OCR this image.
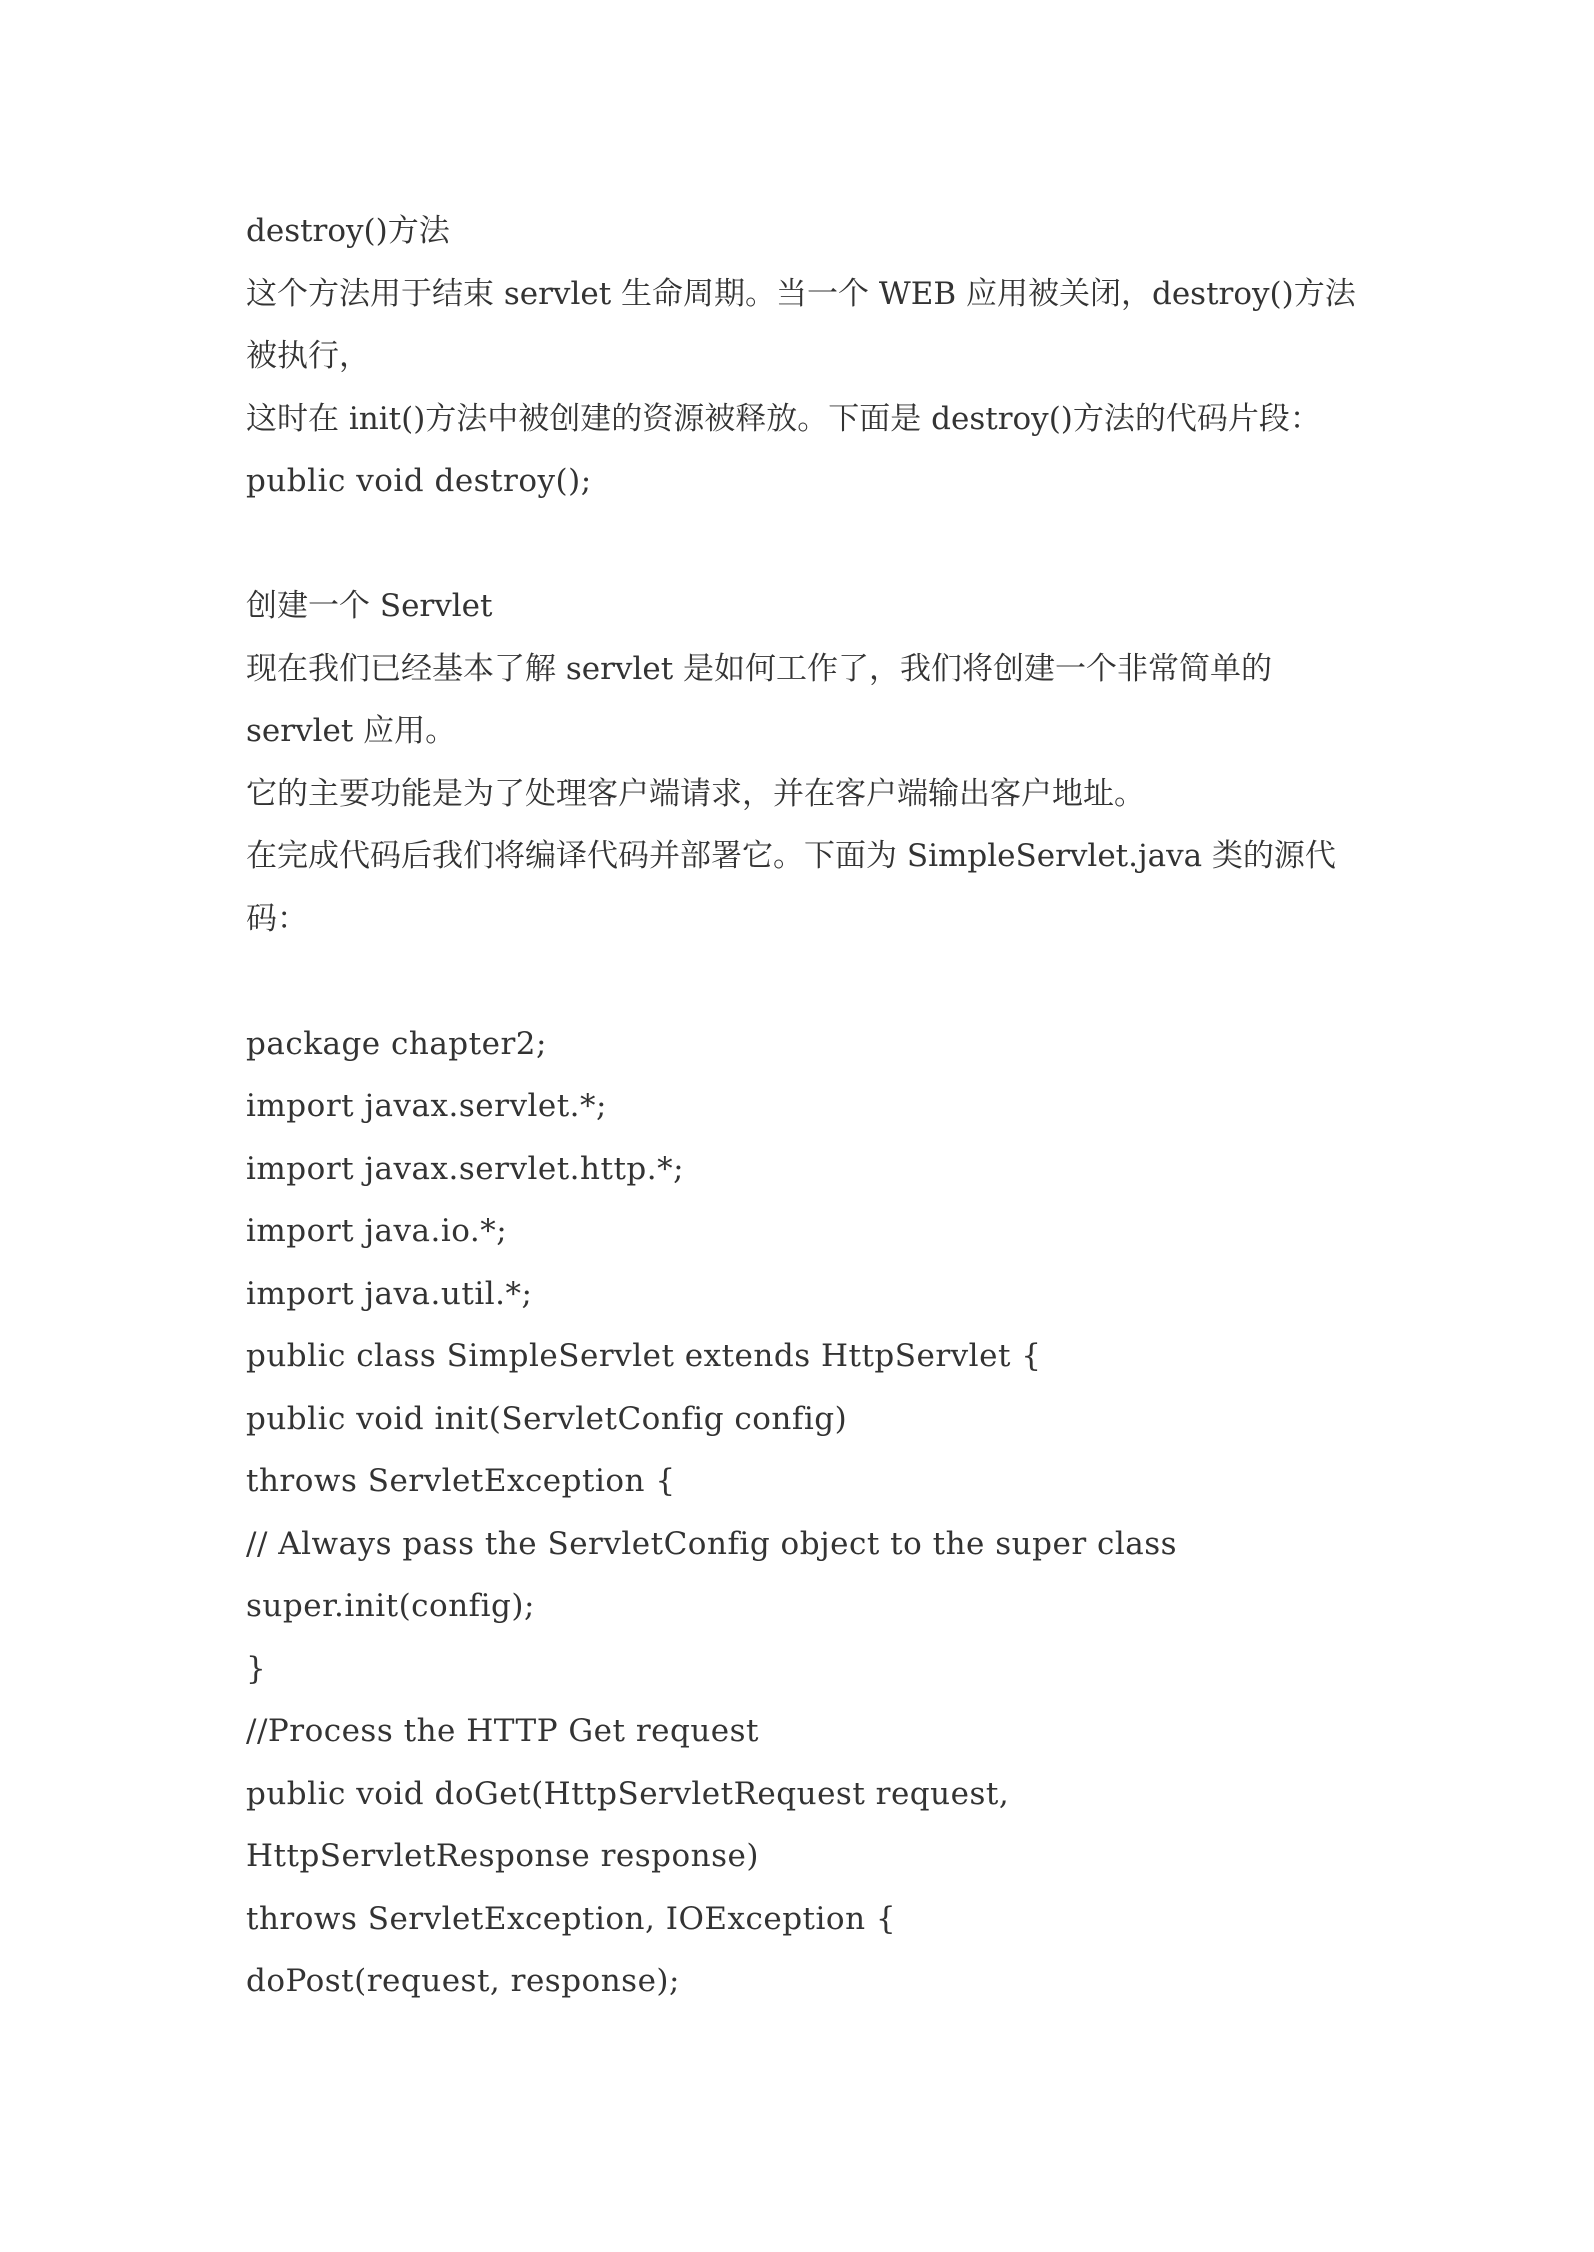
destroy()方法
这个方法用于结束 servlet 生命周期。当一个 WEB 应用被关闭，destroy()方法
被执行，
这时在 init()方法中被创建的资源被释放。下面是 destroy()方法的代码片段：
public void destroy();
创建一个 Servlet
现在我们已经基本了解 servlet 是如何工作了，我们将创建一个非常简单的
servlet 应用。
它的主要功能是为了处理客户端请求，并在客户端输出客户地址。
在完成代码后我们将编译代码并部署它。下面为 SimpleServlet.java 类的源代
码：
package chapter2;
import javax.servlet.*;
import javax.servlet.http.*;
import java.io.*;
import java.util.*;
public class SimpleServlet extends HttpServlet {
public void init(ServletConfig config)
throws ServletException {
// Always pass the ServletConfig object to the super class
super.init(config);
}
//Process the HTTP Get request
public void doGet(HttpServletRequest request,
HttpServletResponse response)
throws ServletException, IOException {
doPost(request, response);
